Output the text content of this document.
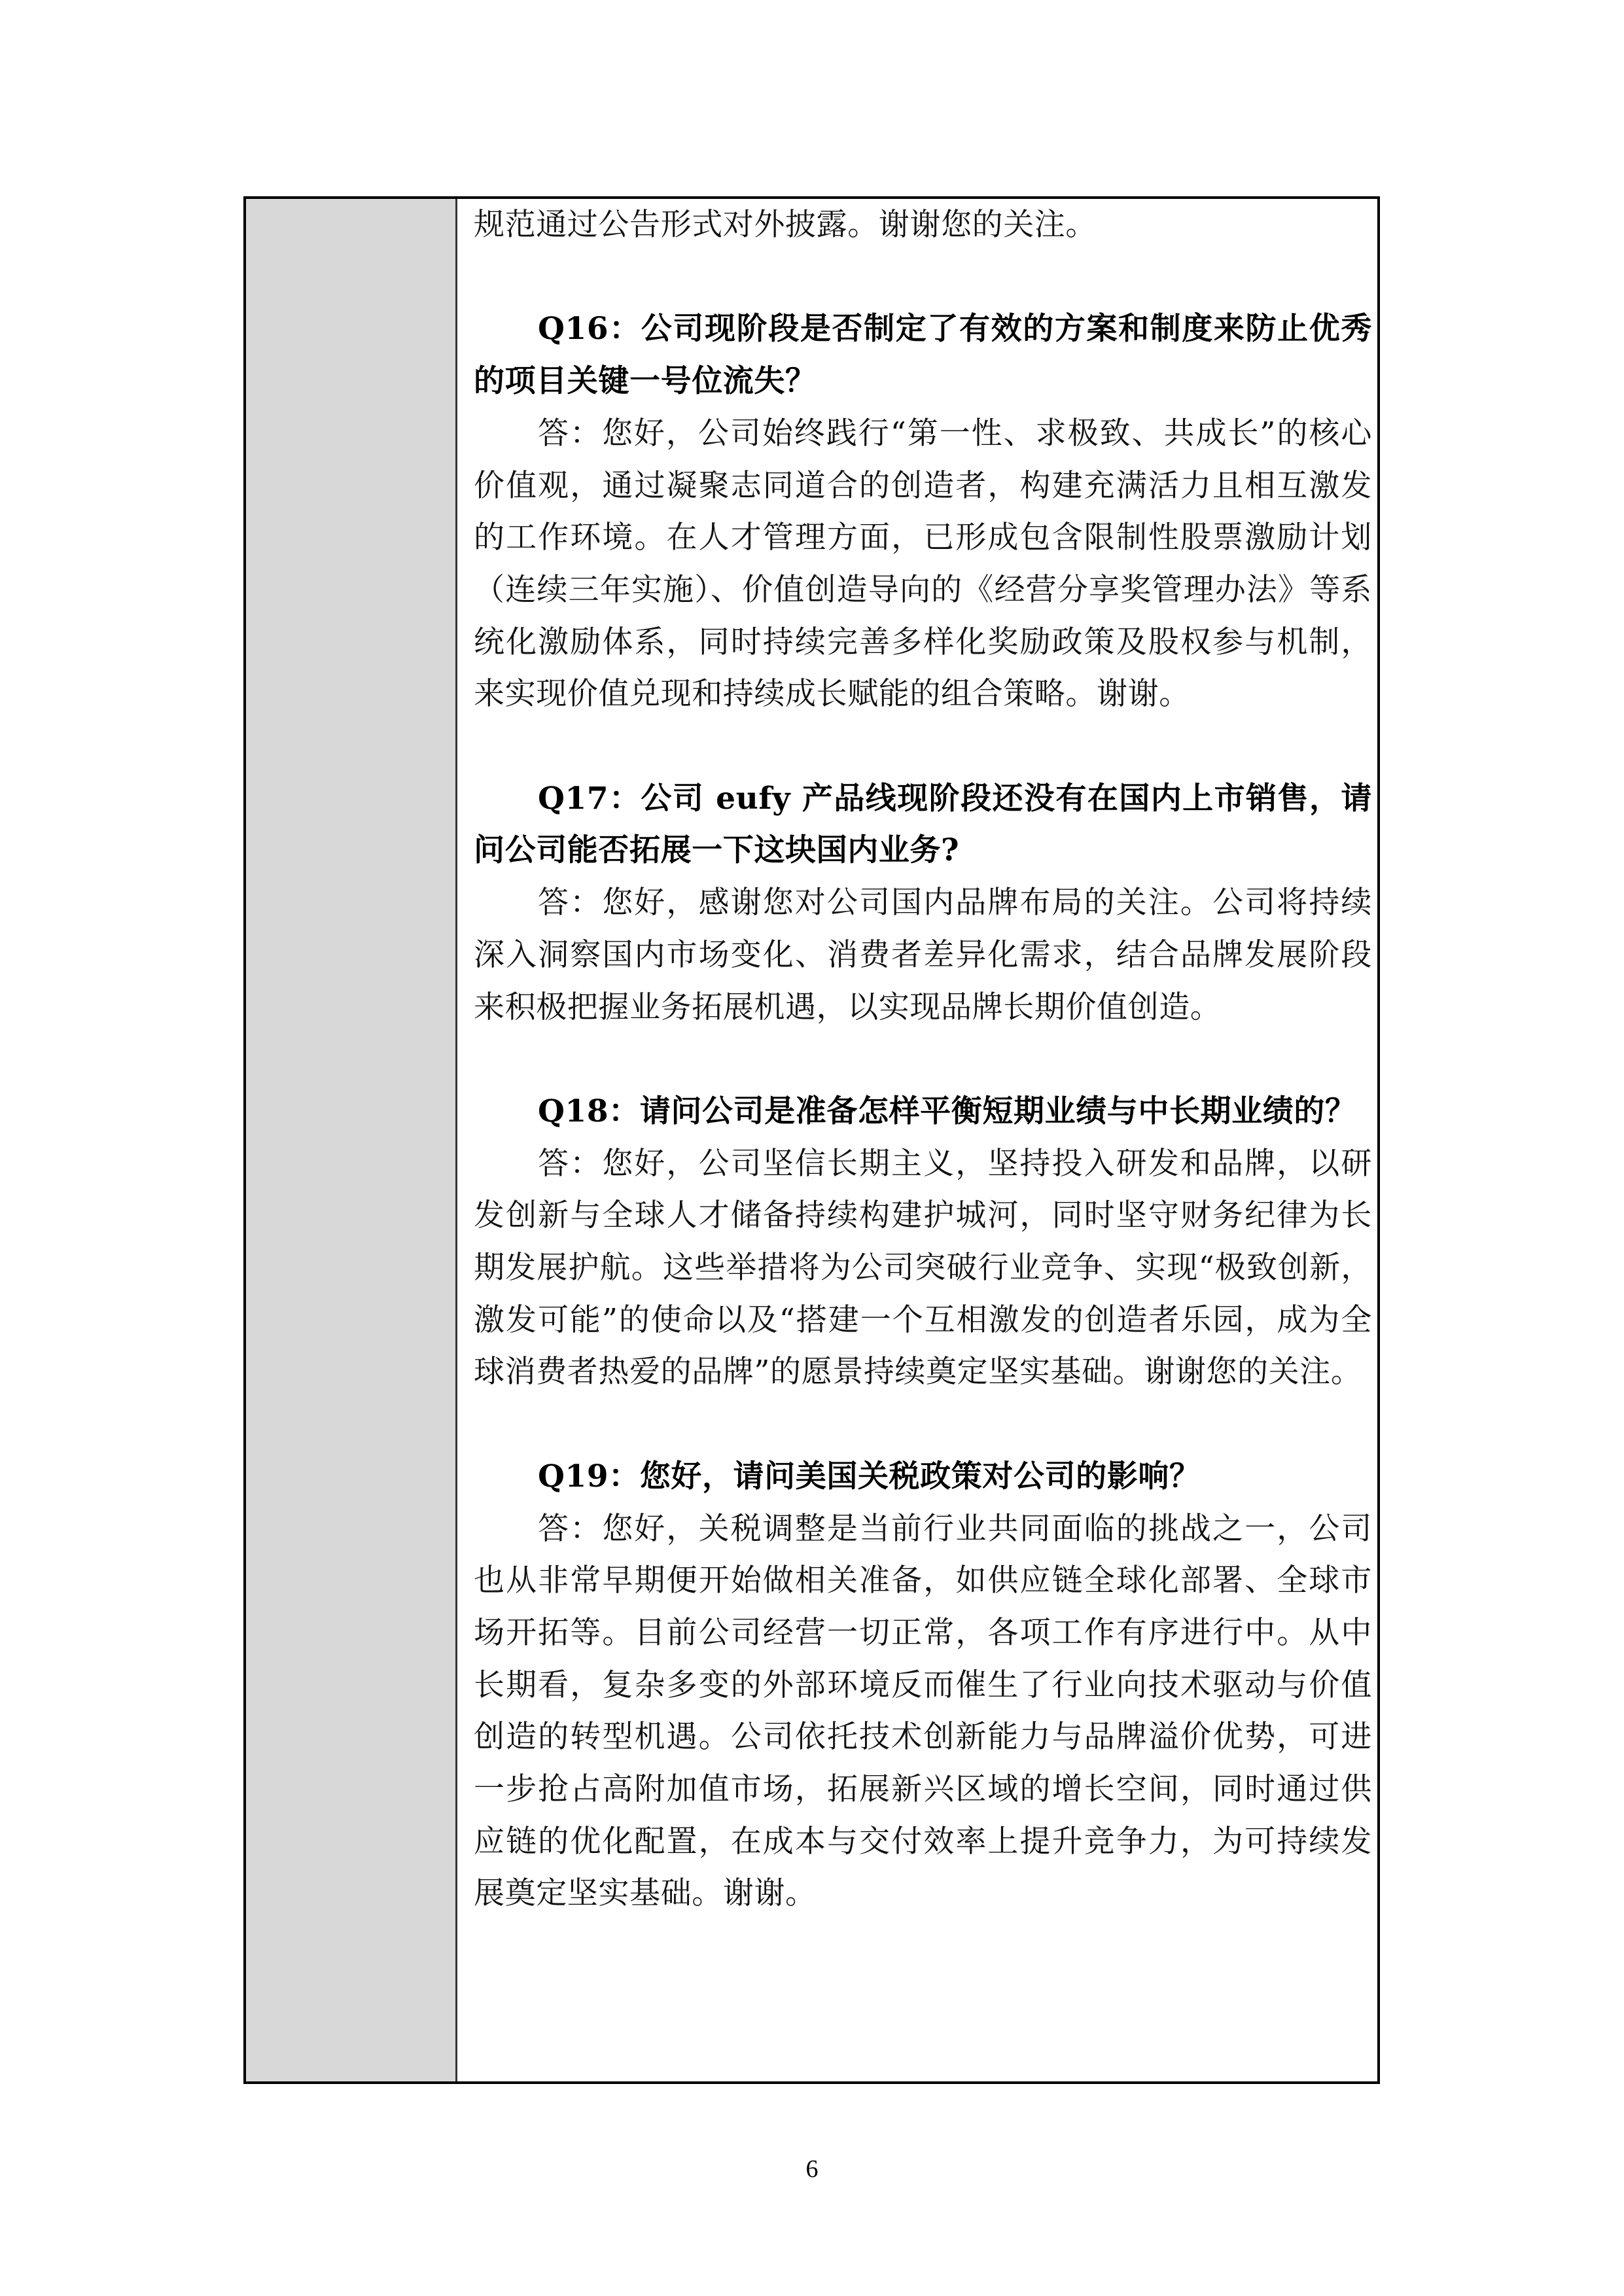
规范通过公告形式对外披露。谢谢您的关注。

Q16：公司现阶段是否制定了有效的方案和制度来防止优秀的项目关键一号位流失？

答：您好，公司始终践行“第一性、求极致、共成长”的核心价值观，通过凝聚志同道合的创造者，构建充满活力且相互激发的工作环境。在人才管理方面，已形成包含限制性股票激励计划（连续三年实施）、价值创造导向的《经营分享奖管理办法》等系统化激励体系，同时持续完善多样化奖励政策及股权参与机制，来实现价值兑现和持续成长赋能的组合策略。谢谢。

Q17：公司 eufy 产品线现阶段还没有在国内上市销售，请问公司能否拓展一下这块国内业务?

答：您好，感谢您对公司国内品牌布局的关注。公司将持续深入洞察国内市场变化、消费者差异化需求，结合品牌发展阶段来积极把握业务拓展机遇，以实现品牌长期价值创造。

Q18：请问公司是准备怎样平衡短期业绩与中长期业绩的？

答：您好，公司坚信长期主义，坚持投入研发和品牌，以研发创新与全球人才储备持续构建护城河，同时坚守财务纪律为长期发展护航。这些举措将为公司突破行业竞争、实现“极致创新，激发可能”的使命以及“搭建一个互相激发的创造者乐园，成为全球消费者热爱的品牌”的愿景持续奠定坚实基础。谢谢您的关注。

Q19：您好，请问美国关税政策对公司的影响？

答：您好，关税调整是当前行业共同面临的挑战之一，公司也从非常早期便开始做相关准备，如供应链全球化部署、全球市场开拓等。目前公司经营一切正常，各项工作有序进行中。从中长期看，复杂多变的外部环境反而催生了行业向技术驱动与价值创造的转型机遇。公司依托技术创新能力与品牌溢价优势，可进一步抢占高附加值市场，拓展新兴区域的增长空间，同时通过供应链的优化配置，在成本与交付效率上提升竞争力，为可持续发展奠定坚实基础。谢谢。

6
